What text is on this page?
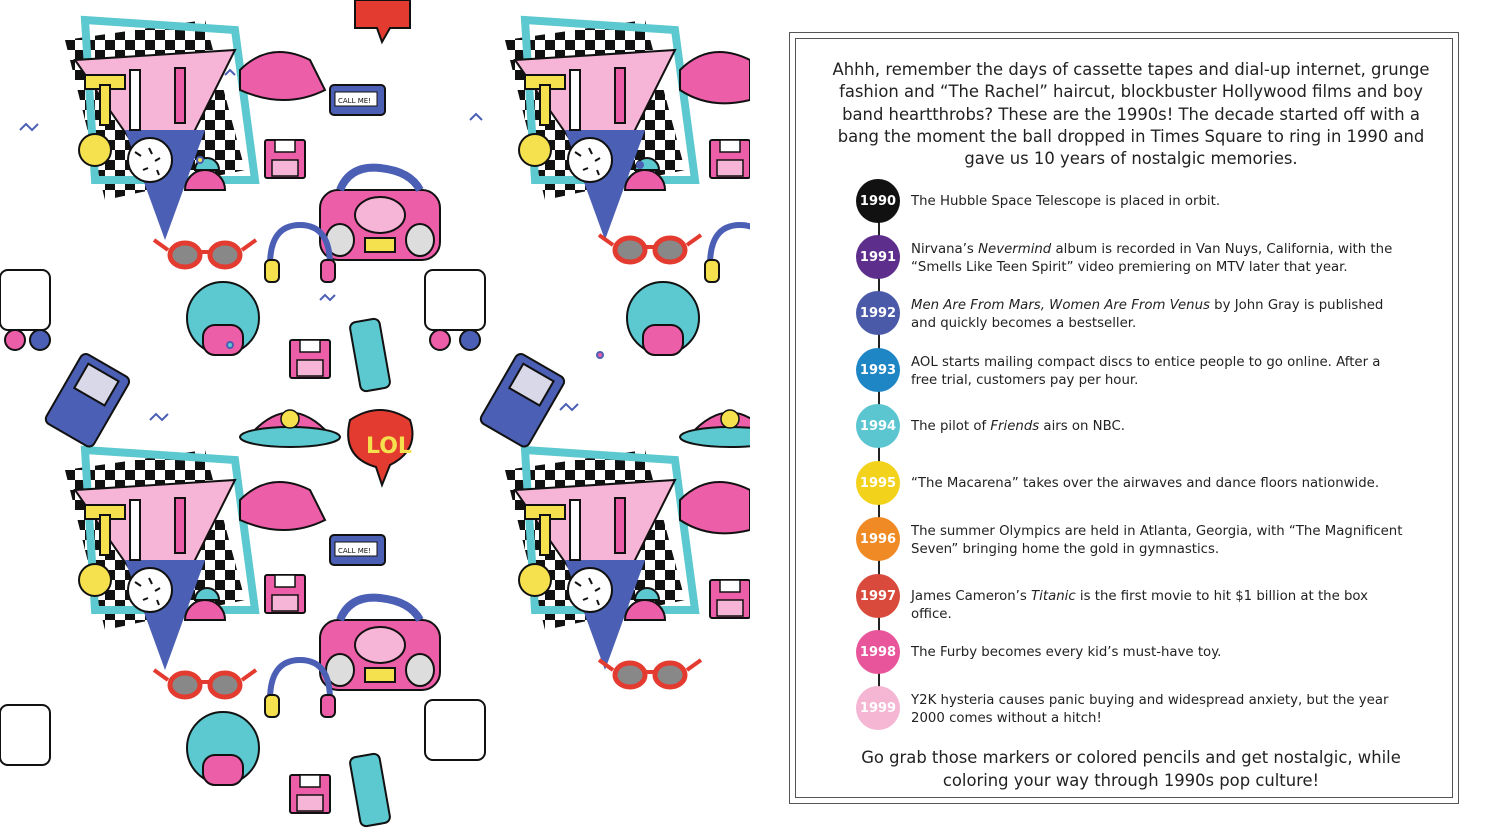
LOL
CALL ME!
CALL ME!
Ahhh, remember the days of cassette tapes and dial-up internet, grunge fashion and “The Rachel” haircut, blockbuster Hollywood films and boy band heartthrobs? These are the 1990s! The decade started off with a bang the moment the ball dropped in Times Square to ring in 1990 and gave us 10 years of nostalgic memories.
1990 The Hubble Space Telescope is placed in orbit.
1991 Nirvana’s Nevermind album is recorded in Van Nuys, California, with the “Smells Like Teen Spirit” video premiering on MTV later that year.
1992 Men Are From Mars, Women Are From Venus by John Gray is published and quickly becomes a bestseller.
1993 AOL starts mailing compact discs to entice people to go online. After a free trial, customers pay per hour.
1994 The pilot of Friends airs on NBC.
1995 “The Macarena” takes over the airwaves and dance floors nationwide.
1996 The summer Olympics are held in Atlanta, Georgia, with “The Magnificent Seven” bringing home the gold in gymnastics.
1997 James Cameron’s Titanic is the first movie to hit $1 billion at the box office.
1998 The Furby becomes every kid’s must-have toy.
1999 Y2K hysteria causes panic buying and widespread anxiety, but the year 2000 comes without a hitch!
Go grab those markers or colored pencils and get nostalgic, while coloring your way through 1990s pop culture!
